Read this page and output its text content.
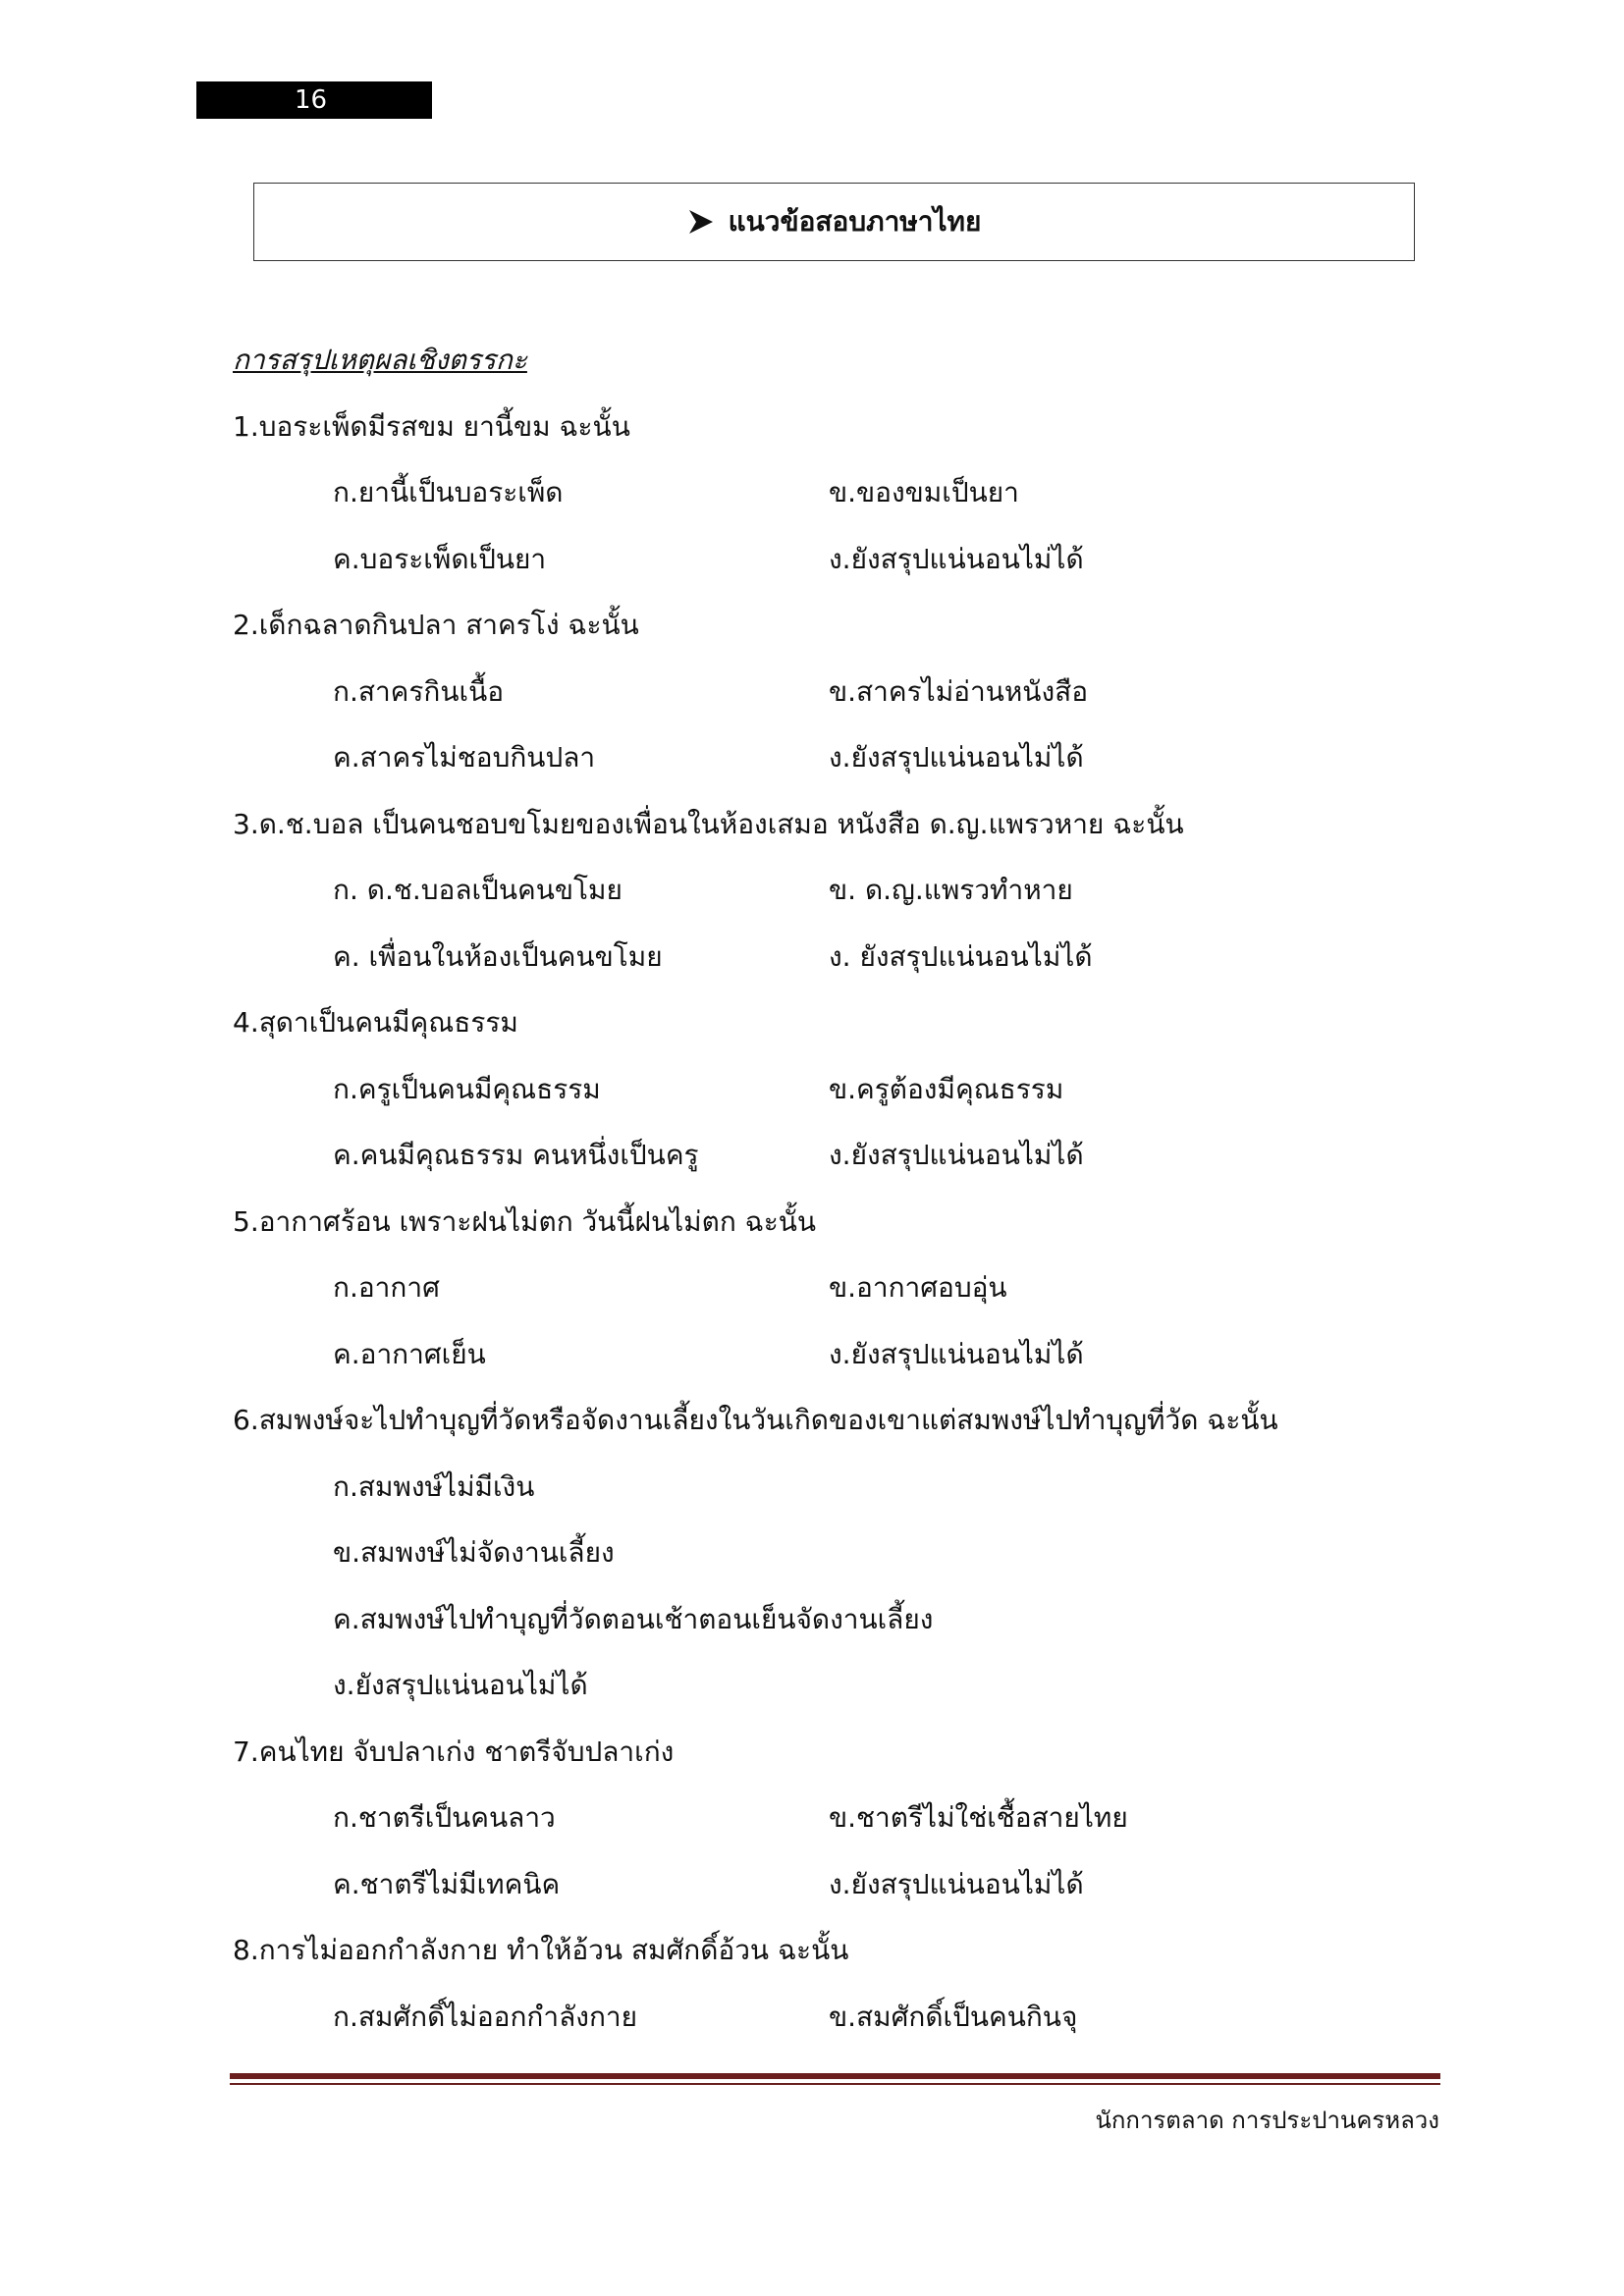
16
แนวข้อสอบภาษาไทย
การสรุปเหตุผลเชิงตรรกะ
1.บอระเพ็ดมีรสขม ยานี้ขม ฉะนั้น
ก.ยานี้เป็นบอระเพ็ด	ข.ของขมเป็นยา
ค.บอระเพ็ดเป็นยา	ง.ยังสรุปแน่นอนไม่ได้
2.เด็กฉลาดกินปลา สาครโง่ ฉะนั้น
ก.สาครกินเนื้อ	ข.สาครไม่อ่านหนังสือ
ค.สาครไม่ชอบกินปลา	ง.ยังสรุปแน่นอนไม่ได้
3.ด.ช.บอล เป็นคนชอบขโมยของเพื่อนในห้องเสมอ หนังสือ ด.ญ.แพรวหาย ฉะนั้น
ก. ด.ช.บอลเป็นคนขโมย	ข. ด.ญ.แพรวทำหาย
ค. เพื่อนในห้องเป็นคนขโมย	ง. ยังสรุปแน่นอนไม่ได้
4.สุดาเป็นคนมีคุณธรรม
ก.ครูเป็นคนมีคุณธรรม	ข.ครูต้องมีคุณธรรม
ค.คนมีคุณธรรม คนหนึ่งเป็นครู	ง.ยังสรุปแน่นอนไม่ได้
5.อากาศร้อน เพราะฝนไม่ตก วันนี้ฝนไม่ตก ฉะนั้น
ก.อากาศ	ข.อากาศอบอุ่น
ค.อากาศเย็น	ง.ยังสรุปแน่นอนไม่ได้
6.สมพงษ์จะไปทำบุญที่วัดหรือจัดงานเลี้ยงในวันเกิดของเขาแต่สมพงษ์ไปทำบุญที่วัด ฉะนั้น
ก.สมพงษ์ไม่มีเงิน
ข.สมพงษ์ไม่จัดงานเลี้ยง
ค.สมพงษ์ไปทำบุญที่วัดตอนเช้าตอนเย็นจัดงานเลี้ยง
ง.ยังสรุปแน่นอนไม่ได้
7.คนไทย จับปลาเก่ง ชาตรีจับปลาเก่ง
ก.ชาตรีเป็นคนลาว	ข.ชาตรีไม่ใช่เชื้อสายไทย
ค.ชาตรีไม่มีเทคนิค	ง.ยังสรุปแน่นอนไม่ได้
8.การไม่ออกกำลังกาย ทำให้อ้วน สมศักดิ์อ้วน ฉะนั้น
ก.สมศักดิ์ไม่ออกกำลังกาย	ข.สมศักดิ์เป็นคนกินจุ
นักการตลาด การประปานครหลวง
